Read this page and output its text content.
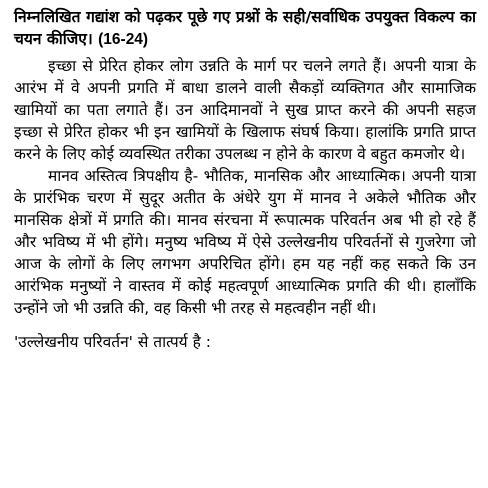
निम्नलिखित गद्यांश को पढ़कर पूछे गए प्रश्नों के सही/सर्वाधिक उपयुक्त विकल्प का चयन कीजिए। (16-24)

इच्छा से प्रेरित होकर लोग उन्नति के मार्ग पर चलने लगते हैं। अपनी यात्रा के आरंभ में वे अपनी प्रगति में बाधा डालने वाली सैकड़ों व्यक्तिगत और सामाजिक खामियों का पता लगाते हैं। उन आदिमानवों ने सुख प्राप्त करने की अपनी सहज इच्छा से प्रेरित होकर भी इन खामियों के खिलाफ संघर्ष किया। हालांकि प्रगति प्राप्त करने के लिए कोई व्यवस्थित तरीका उपलब्ध न होने के कारण वे बहुत कमजोर थे।

मानव अस्तित्व त्रिपक्षीय है- भौतिक, मानसिक और आध्यात्मिक। अपनी यात्रा के प्रारंभिक चरण में सुदूर अतीत के अंधेरे युग में मानव ने अकेले भौतिक और मानसिक क्षेत्रों में प्रगति की। मानव संरचना में रूपात्मक परिवर्तन अब भी हो रहे हैं और भविष्य में भी होंगे। मनुष्य भविष्य में ऐसे उल्लेखनीय परिवर्तनों से गुजरेगा जो आज के लोगों के लिए लगभग अपरिचित होंगे। हम यह नहीं कह सकते कि उन आरंभिक मनुष्यों ने वास्तव में कोई महत्वपूर्ण आध्यात्मिक प्रगति की थी। हालाँकि उन्होंने जो भी उन्नति की, वह किसी भी तरह से महत्वहीन नहीं थी।

'उल्लेखनीय परिवर्तन' से तात्पर्य है :
